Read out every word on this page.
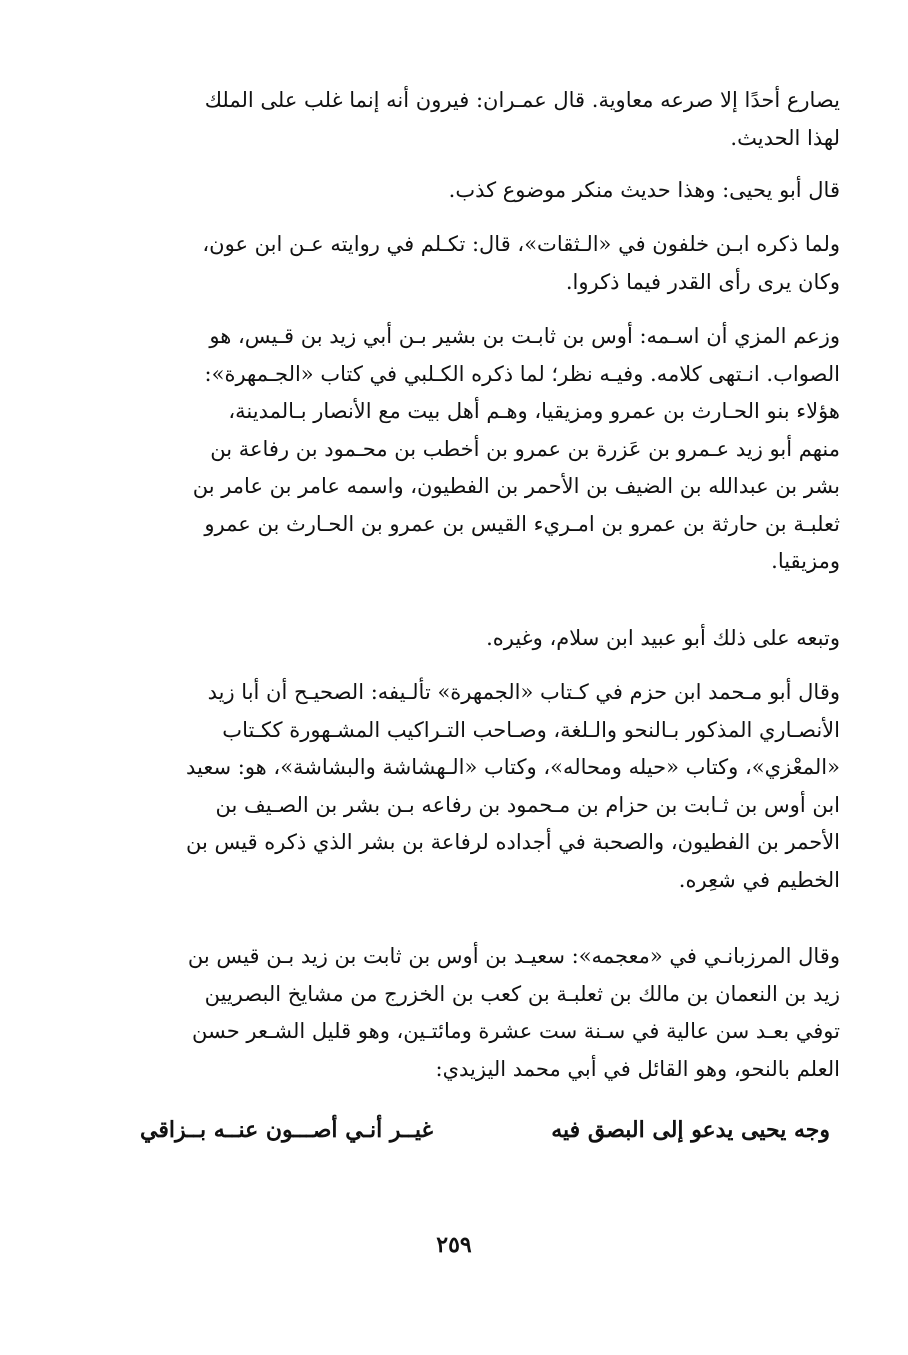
يصارع أحدًا إلا صرعه معاوية. قال عمـران: فيرون أنه إنما غلب على الملك
لهذا الحديث.
قال أبو يحيى: وهذا حديث منكر موضوع كذب.
ولما ذكره ابـن خلفون في «الـثقات»، قال: تكـلم في روايته عـن ابن عون،
وكان يرى رأى القدر فيما ذكروا.
وزعم المزي أن اسـمه: أوس بن ثابـت بن بشير بـن أبي زيد بن قـيس، هو
الصواب. انـتهى كلامه. وفيـه نظر؛ لما ذكره الكـلبي في كتاب «الجـمهرة»:
هؤلاء بنو الحـارث بن عمرو ومزيقيا، وهـم أهل بيت مع الأنصار بـالمدينة،
منهم أبو زيد عـمرو بن عَزرة بن عمرو بن أخطب بن محـمود بن رفاعة بن
بشر بن عبدالله بن الضيف بن الأحمر بن الفطيون، واسمه عامر بن عامر بن
ثعلبـة بن حارثة بن عمرو بن امـريء القيس بن عمرو بن الحـارث بن عمرو
ومزيقيا.
وتبعه على ذلك أبو عبيد ابن سلام، وغيره.
وقال أبو مـحمد ابن حزم في كـتاب «الجمهرة» تألـيفه: الصحيـح أن أبا زيد
الأنصـاري المذكور بـالنحو والـلغة، وصـاحب التـراكيب المشـهورة ككـتاب
«المعْزي»، وكتاب «حيله ومحاله»، وكتاب «الـهشاشة والبشاشة»، هو: سعيد
ابن أوس بن ثـابت بن حزام بن مـحمود بن رفاعه بـن بشر بن الصـيف بن
الأحمر بن الفطيون، والصحبة في أجداده لرفاعة بن بشر الذي ذكره قيس بن
الخطيم في شعِره.
وقال المرزبانـي في «معجمه»: سعيـد بن أوس بن ثابت بن زيد بـن قيس بن
زيد بن النعمان بن مالك بن ثعلبـة بن كعب بن الخزرج من مشايخ البصريين
توفي بعـد سن عالية في سـنة ست عشرة ومائتـين، وهو قليل الشـعر حسن
العلم بالنحو، وهو القائل في أبي محمد اليزيدي:
وجه يحيى يدعو إلى البصق فيه
غيــر أنـي أصـــون عنــه بــزاقي
٢٥٩
